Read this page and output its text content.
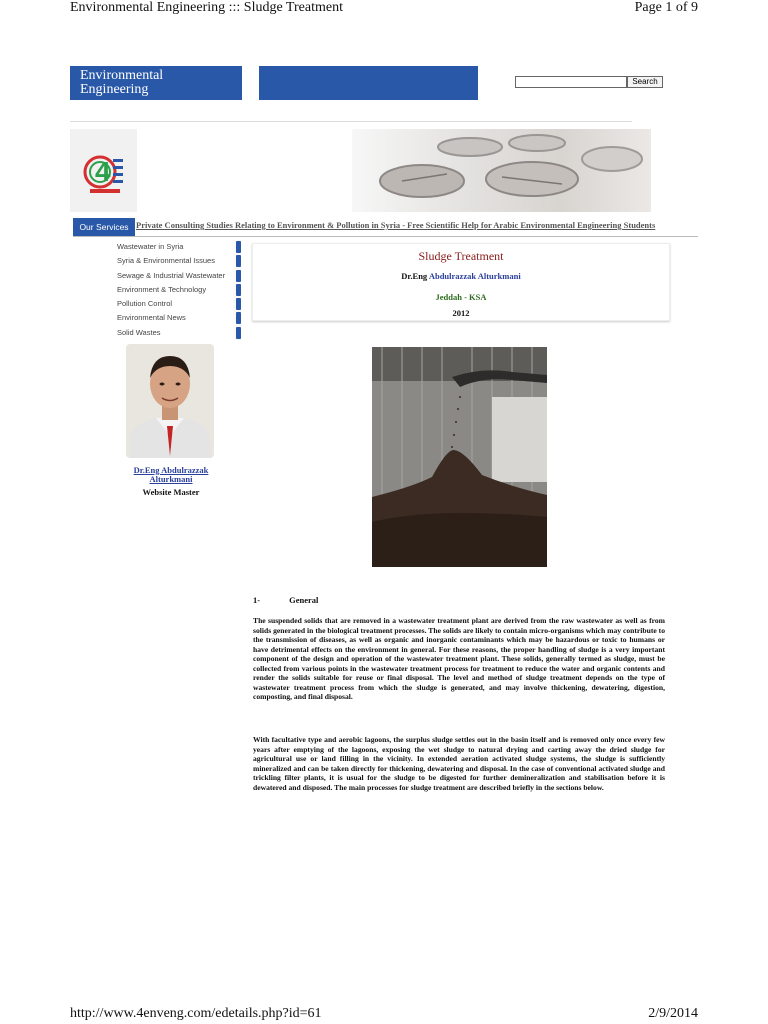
Environmental Engineering ::: Sludge Treatment	Page 1 of 9
Environmental
Engineering
Search
4
Our Services Private Consulting Studies Relating to Environment & Pollution in Syria - Free Scientific Help for Arabic Environmental Engineering Students
Wastewater in Syria
Syria & Environmental Issues
Sewage & Industrial Wastewater
Environment & Technology
Pollution Control
Environmental News
Solid Wastes
Sludge Treatment
Dr.Eng Abdulrazzak Alturkmani
Jeddah - KSA
2012
Dr.Eng Abdulrazzak Alturkmani
Website Master
1-	General
The suspended solids that are removed in a wastewater treatment plant are derived from the raw wastewater as well as from solids generated in the biological treatment processes. The solids are likely to contain micro-organisms which may contribute to the transmission of diseases, as well as organic and inorganic contaminants which may be hazardous or toxic to humans or have detrimental effects on the environment in general. For these reasons, the proper handling of sludge is a very important component of the design and operation of the wastewater treatment plant. These solids, generally termed as sludge, must be collected from various points in the wastewater treatment process for treatment to reduce the water and organic contents and render the solids suitable for reuse or final disposal. The level and method of sludge treatment depends on the type of wastewater treatment process from which the sludge is generated, and may involve thickening, dewatering, digestion, composting, and final disposal.
With facultative type and aerobic lagoons, the surplus sludge settles out in the basin itself and is removed only once every few years after emptying of the lagoons, exposing the wet sludge to natural drying and carting away the dried sludge for agricultural use or land filling in the vicinity. In extended aeration activated sludge systems, the sludge is sufficiently mineralized and can be taken directly for thickening, dewatering and disposal. In the case of conventional activated sludge and trickling filter plants, it is usual for the sludge to be digested for further demineralization and stabilisation before it is dewatered and disposed. The main processes for sludge treatment are described briefly in the sections below.
http://www.4enveng.com/edetails.php?id=61	2/9/2014
